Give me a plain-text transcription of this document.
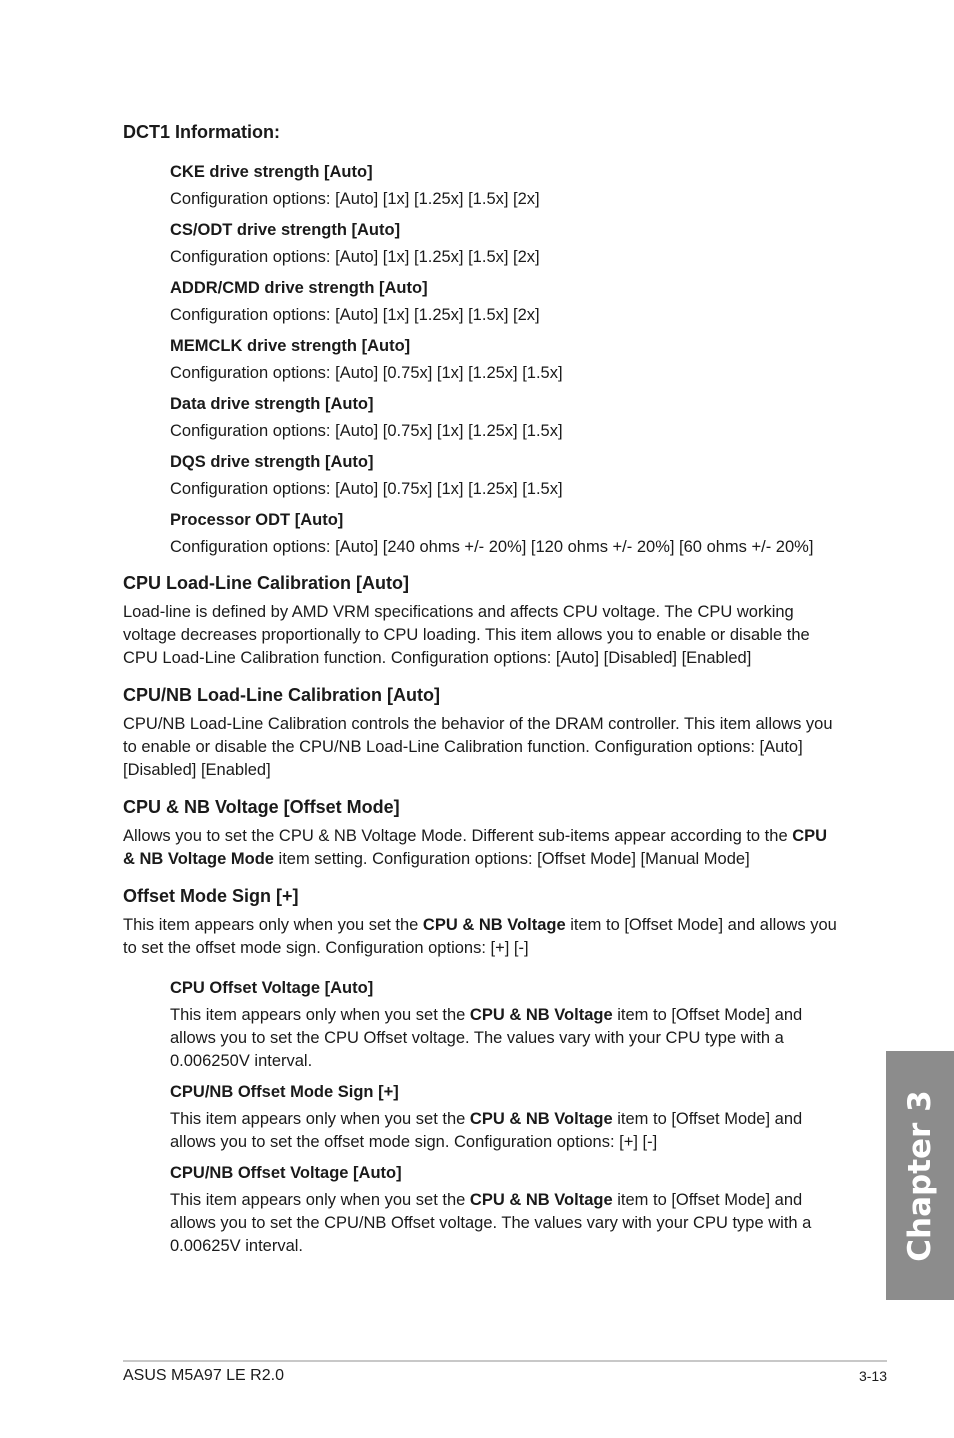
DCT1 Information:
CKE drive strength [Auto]
Configuration options: [Auto] [1x] [1.25x] [1.5x] [2x]
CS/ODT drive strength [Auto]
Configuration options: [Auto] [1x] [1.25x] [1.5x] [2x]
ADDR/CMD drive strength [Auto]
Configuration options: [Auto] [1x] [1.25x] [1.5x] [2x]
MEMCLK drive strength [Auto]
Configuration options: [Auto] [0.75x] [1x] [1.25x] [1.5x]
Data drive strength [Auto]
Configuration options: [Auto] [0.75x] [1x] [1.25x] [1.5x]
DQS drive strength [Auto]
Configuration options: [Auto] [0.75x] [1x] [1.25x] [1.5x]
Processor ODT [Auto]
Configuration options: [Auto] [240 ohms +/- 20%] [120 ohms +/- 20%] [60 ohms +/- 20%]
CPU Load-Line Calibration [Auto]
Load-line is defined by AMD VRM specifications and affects CPU voltage. The CPU working voltage decreases proportionally to CPU loading. This item allows you to enable or disable the CPU Load-Line Calibration function. Configuration options: [Auto] [Disabled] [Enabled]
CPU/NB Load-Line Calibration [Auto]
CPU/NB Load-Line Calibration controls the behavior of the DRAM controller. This item allows you to enable or disable the CPU/NB Load-Line Calibration function. Configuration options: [Auto] [Disabled] [Enabled]
CPU & NB Voltage [Offset Mode]
Allows you to set the CPU & NB Voltage Mode. Different sub-items appear according to the CPU & NB Voltage Mode item setting. Configuration options: [Offset Mode] [Manual Mode]
Offset Mode Sign [+]
This item appears only when you set the CPU & NB Voltage item to [Offset Mode] and allows you to set the offset mode sign. Configuration options: [+] [-]
CPU Offset Voltage [Auto]
This item appears only when you set the CPU & NB Voltage item to [Offset Mode] and allows you to set the CPU Offset voltage. The values vary with your CPU type with a 0.006250V interval.
CPU/NB Offset Mode Sign [+]
This item appears only when you set the CPU & NB Voltage item to [Offset Mode] and allows you to set the offset mode sign. Configuration options: [+] [-]
CPU/NB Offset Voltage [Auto]
This item appears only when you set the CPU & NB Voltage item to [Offset Mode] and allows you to set the CPU/NB Offset voltage. The values vary with your CPU type with a 0.00625V interval.	Chapter 3
ASUS M5A97 LE R2.0	3-13
